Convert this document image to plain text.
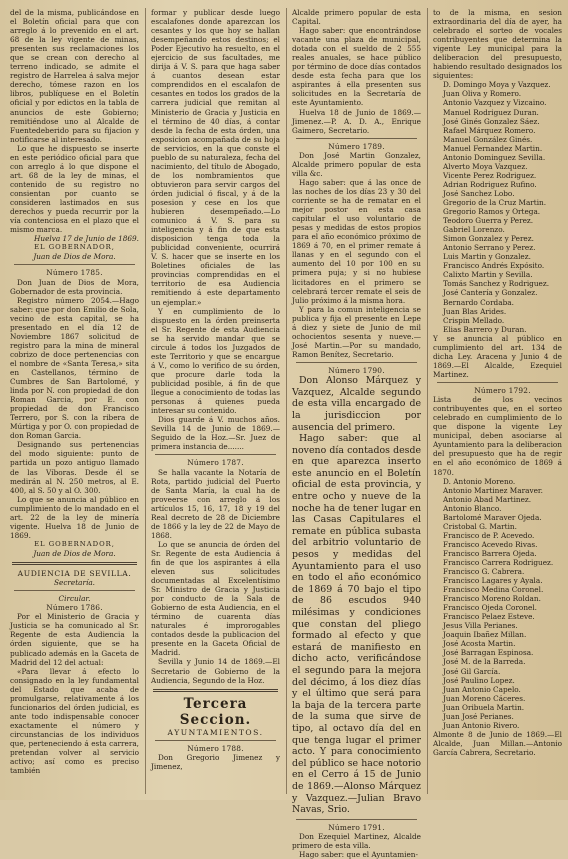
del de la misma, publicándose en el Boletín oficial para que con arreglo á lo prevenido en el art. 68 de la ley vigente de minas, presenten sus reclamaciones los que se crean con derecho al terreno indicado, se admite el registro de Harrelea á salva mejor derecho, tómese razon en los libros, publíquese en el Boletín oficial y por edictos en la tabla de anuncios de este Gobierno; remitiéndose uno al Alcalde de Fuentedeberido para su fijacion y notificarse al interesado.

Lo que he dispuesto se inserte en este periódico oficial para que con arreglo á lo que dispone el art. 68 de la ley de minas, el contenido de su registro no consientan por cuanto se consideren lastimados en sus derechos y pueda recurrir por la vía contenciosa en el plazo que el mismo marca.

Huelva 17 de Junio de 1869.

EL GOBERNADOR,

Juan de Dios de Mora.

Número 1785.

Don Juan de Dios de Mora, Gobernador de esta provincia.

Registro número 2054.—Hago saber: que por don Emilio de Sola, vecino de esta capital, se ha presentado en el día 12 de Noviembre 1867 solicitud de registro para la mina de mineral cobrizo de doce pertenencias con el nombre de «Santa Teresa,» sita en Castellanos, término de Cumbres de San Bartolomé, y linda por N. con propiedad de don Roman Garcia, por E. con propiedad de don Francisco Terrero, por S. con la ribera de Múrtiga y por O. con propiedad de don Roman Garcia.

Designando sus pertenencias del modo siguiente: punto de partida un pozo antiguo llamado de las Víboras. Desde él se medirán al N. 250 metros, al E. 400, al S. 50 y al O. 300.

Lo que se anuncia al público en cumplimiento de lo mandado en el art. 22 de la ley de minería vigente. Huelva 18 de Junio de 1869.

EL GOBERNADOR,

Juan de Dios de Mora.

AUDIENCIA DE SEVILLA.

Secretaría.

Circular.

Número 1786.

Por el Ministerio de Gracia y Justicia se ha comunicado al Sr. Regente de esta Audiencia la órden siguiente, que se ha publicado además en la Gaceta de Madrid del 12 del actual:

«Para llevar á efecto lo consignado en la ley fundamental del Estado que acaba de promulgarse, relativamente á los funcionarios del órden judicial, es ante todo indispensable conocer exactamente el número y circunstancias de los individuos que, perteneciendo á esta carrera, pretendan volver al servicio activo; así como es preciso también

formar y publicar desde luego escalafones donde aparezcan los cesantes y los que hoy se hallan desempeñando estos destinos; el Poder Ejecutivo ha resuelto, en el ejercicio de sus facultades, me dirija á V. S. para que haga saber á cuantos desean estar comprendidos en el escalafon de cesantes en todos los grados de la carrera judicial que remitan al Ministerio de Gracia y Justicia en el término de 40 días, á contar desde la fecha de esta órden, una exposicion acompañada de su hoja de servicios, en la que conste el pueblo de su naturaleza, fecha del nacimiento, del título de Abogado, de los nombramientos que obtuvieron para servir cargos del órden judicial ó fiscal, y á de la posesion y cese en los que hubieren desempeñado.—Lo comunico á V. S. para su inteligencia y á fin de que esta disposicion tenga toda la publicidad conveniente, ocurrirá V. S. hacer que se inserte en los Boletines oficiales de las provincias comprendidas en el territorio de esa Audiencia remitiendo á este departamento un ejemplar.»

Y en cumplimiento de lo dispuesto en la órden preinserta el Sr. Regente de esta Audiencia se ha servido mandar que se circule á todos los Juzgados de este Territorio y que se encargue á V., como lo verifico de su órden, que procure darle toda la publicidad posible, á fin de que llegue a conocimiento de todas las personas á quienes pueda interesar su contenido.

Dios guarde á V. muchos años. Sevilla 14 de Junio de 1869.—Seguido de la Hoz.—Sr. Juez de primera instancia de.......

Número 1787.

Se halla vacante la Notaría de Rota, partido judicial del Puerto de Santa María, la cual ha de proveerse con arreglo á los artículos 15, 16, 17, 18 y 19 del Real decreto de 28 de Diciembre de 1866 y la ley de 22 de Mayo de 1868.

Lo que se anuncia de órden del Sr. Regente de esta Audiencia á fin de que los aspirantes á ella eleven sus solicitudes documentadas al Excelentísimo Sr. Ministro de Gracia y Justicia por conducto de la Sala de Gobierno de esta Audiencia, en el término de cuarenta días naturales é improrogables contados desde la publicacion del presente en la Gaceta Oficial de Madrid.

Sevilla y Junio 14 de 1869.—El Secretario de Gobierno de la Audiencia, Segundo de la Hoz.

Tercera Seccion.

AYUNTAMIENTOS.

Número 1788.

Don Gregorio Jimenez y Jimenez,

Alcalde primero popular de esta Capital.

Hago saber: que encontrándose vacante una plaza de municipal, dotada con el sueldo de 2 555 reales anuales, se hace público por término de doce días contados desde esta fecha para que los aspirantes á ella presenten sus solicitudes en la Secretaría de este Ayuntamiento.

Huelva 18 de Junio de 1869.—Jimenez.—P. A. D. A., Enrique Gaimero, Secretario.

Número 1789.

Don José Martin Gonzalez, Alcalde primero popular de esta villa &c.

Hago saber: que á las once de las noches de los días 23 y 30 del corriente se ha de rematar en el mejor postor en esta casa capitular el uso voluntario de pesas y medidas de estos propios para el año económico próximo de 1869 á 70, en el primer remate á llanas y en el segundo con el aumento del 10 por 100 en su primera puja; y si no hubiese licitadores en el primero se celebrará tercer remate el seis de Julio próximo á la misma hora.

Y para la comun inteligencia se publica y fija el presente en Lepe á diez y siete de Junio de mil ochocientos sesenta y nueve.—José Martin.—Por su mandado, Ramon Benítez, Secretario.

Número 1790.

Don Alonso Márquez y Vazquez, Alcalde segundo de esta villa encargado de la jurisdiccion por ausencia del primero.

Hago saber: que al noveno día contados desde en que aparezca inserto este anuncio en el Boletín oficial de esta provincia, y entre ocho y nueve de la noche ha de tener lugar en las Casas Capitulares el remate en pública subasta del arbitrio voluntario de pesos y medidas del Ayuntamiento para el uso en todo el año económico de 1869 á 70 bajo el tipo de 86 escudos 940 milésimas y condiciones que constan del pliego formado al efecto y que estará de manifiesto en dicho acto, verificándose el segundo para la mejora del décimo, á los diez días y el último que será para la baja de la tercera parte de la suma que sirve de tipo, al octavo día del en que tenga lugar el primer acto. Y para conocimiento del público se hace notorio en el Cerro á 15 de Junio de 1869.—Alonso Márquez y Vazquez.—Julian Bravo Navas, Srio.

Número 1791.

Don Ezequiel Martinez, Alcalde primero de esta villa.

Hago saber: que el Ayuntamien-

to de la misma, en sesion extraordinaria del día de ayer, ha celebrado el sorteo de vocales contribuyentes que determina la vigente Ley municipal para la deliberacion del presupuesto, habiendo resultado designados los siguientes:

D. Domingo Moya y Vazquez.

Juan Oliva y Romero.

Antonio Vazquez y Vizcaino.

Manuel Rodriguez Duran.

José Ginés Gonzalez Sáez.

Rafael Márquez Romero.

Manuel González Ginés.

Manuel Fernandez Martin.

Antonio Dominguez Sevilla.

Alverto Moya Vazquez.

Vicente Perez Rodriguez.

Adrian Rodriguez Rufino.

José Sanchez Lobo.

Gregorio de la Cruz Martin.

Gregorio Ramos y Ortega.

Teodoro Guerra y Perez.

Gabriel Lorenzo.

Simon Gonzalez y Perez.

Antonio Serrano y Perez.

Luis Martin y Gonzalez.

Francisco Andrés Expósito.

Calixto Martin y Sevilla.

Tomás Sanchez y Rodriguez.

José Cantería y Gonzalez.

Bernardo Cordaba.

Juan Blas Arides.

Crispin Mellado.

Elias Barrero y Duran.

Y se anuncia al público en cumplimiento del art. 134 de dicha Ley. Aracena y Junio 4 de 1869.—El Alcalde, Ezequiel Martinez.

Número 1792.

Lista de los vecinos contribuyentes que, en el sorteo celebrado en cumplimiento de lo que dispone la vigente Ley municipal, deben asociarse al Ayuntamiento para la deliberacion del presupuesto que ha de regir en el año económico de 1869 á 1870.

D. Antonio Moreno.

Antonio Martinez Maraver.

Antonio Abad Martinez.

Antonio Blanco.

Bartolomé Maraver Ojeda.

Cristobal G. Martin.

Francisco de P. Acevedo.

Francisco Acevedo Rivas.

Francisco Barrera Ojeda.

Francisco Carrera Rodriguez.

Francisco G. Cabrera.

Francisco Lagares y Ayala.

Francisco Medina Coronel.

Francisco Moreno Roldan.

Francisco Ojeda Coronel.

Francisco Pelaez Esteve.

Jesus Villa Perianes.

Joaquin Ibañez Millan.

José Acosta Martin.

José Barragan Espinosa.

José M. de la Barreda.

José Gil García.

José Paulino Lopez.

Juan Antonio Capelo.

Juan Moreno Cáceres.

Juan Oribuela Martin.

Juan José Perianes.

Juan Antonio Rivero.

Almonte 8 de Junio de 1869.—El Alcalde, Juan Millan.—Antonio García Cabrera, Secretario.
